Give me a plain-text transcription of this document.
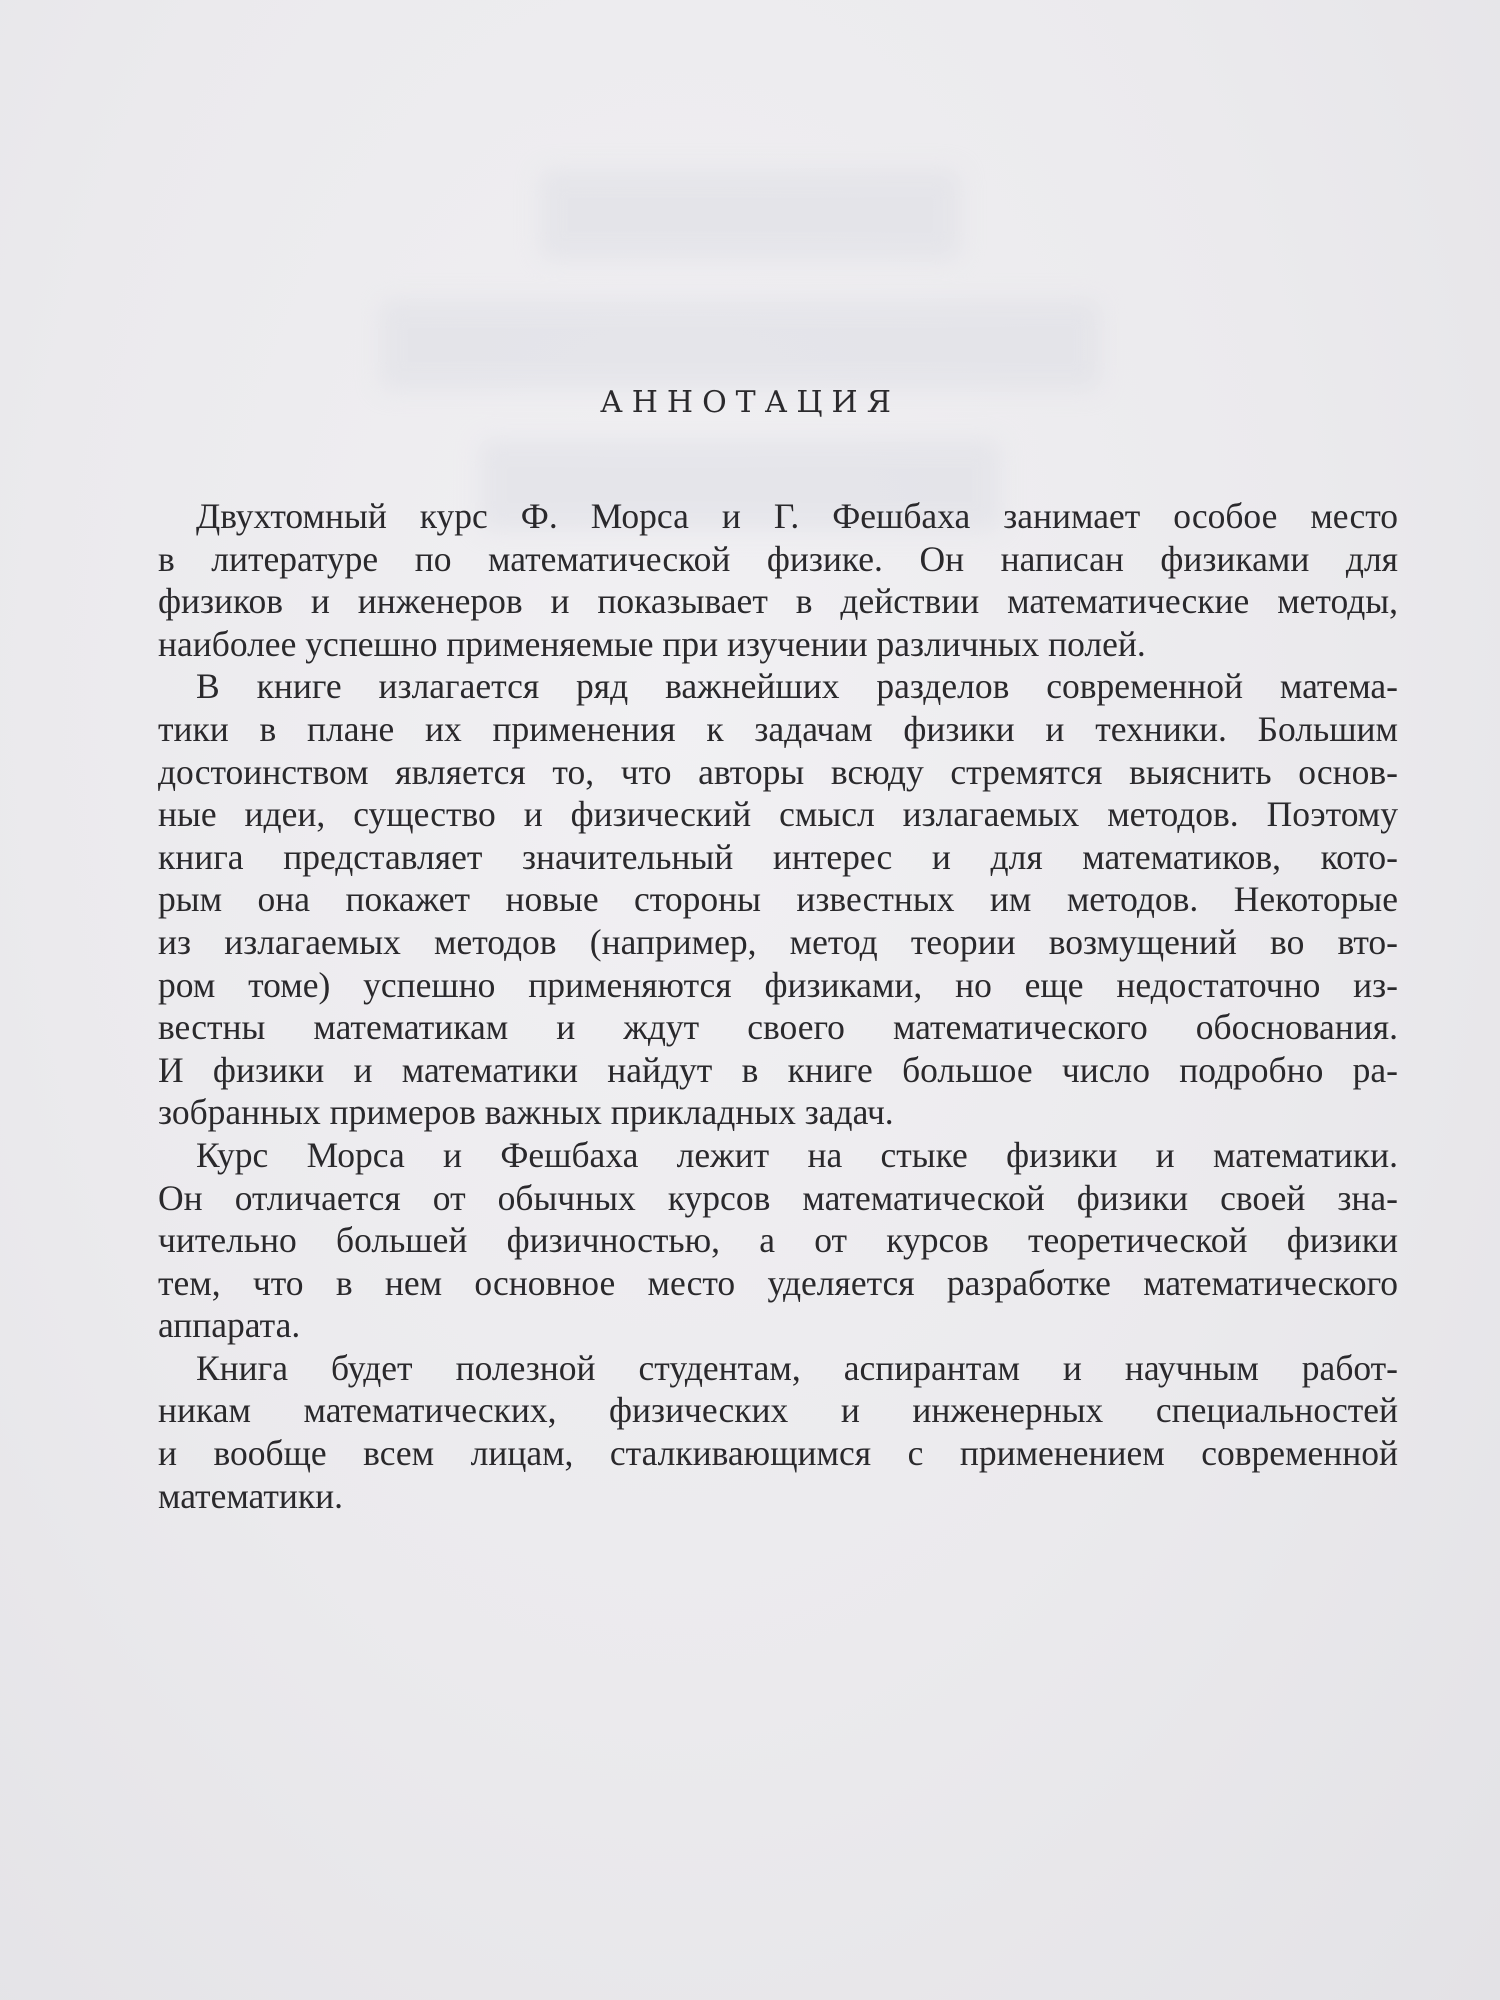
АННОТАЦИЯ
Двухтомный курс Ф. Морса и Г. Фешбаха занимает особое место
в литературе по математической физике. Он написан физиками для
физиков и инженеров и показывает в действии математические методы,
наиболее успешно применяемые при изучении различных полей.
В книге излагается ряд важнейших разделов современной матема-
тики в плане их применения к задачам физики и техники. Большим
достоинством является то, что авторы всюду стремятся выяснить основ-
ные идеи, существо и физический смысл излагаемых методов. Поэтому
книга представляет значительный интерес и для математиков, кото-
рым она покажет новые стороны известных им методов. Некоторые
из излагаемых методов (например, метод теории возмущений во вто-
ром томе) успешно применяются физиками, но еще недостаточно из-
вестны математикам и ждут своего математического обоснования.
И физики и математики найдут в книге большое число подробно ра-
зобранных примеров важных прикладных задач.
Курс Морса и Фешбаха лежит на стыке физики и математики.
Он отличается от обычных курсов математической физики своей зна-
чительно большей физичностью, а от курсов теоретической физики
тем, что в нем основное место уделяется разработке математического
аппарата.
Книга будет полезной студентам, аспирантам и научным работ-
никам математических, физических и инженерных специальностей
и вообще всем лицам, сталкивающимся с применением современной
математики.
